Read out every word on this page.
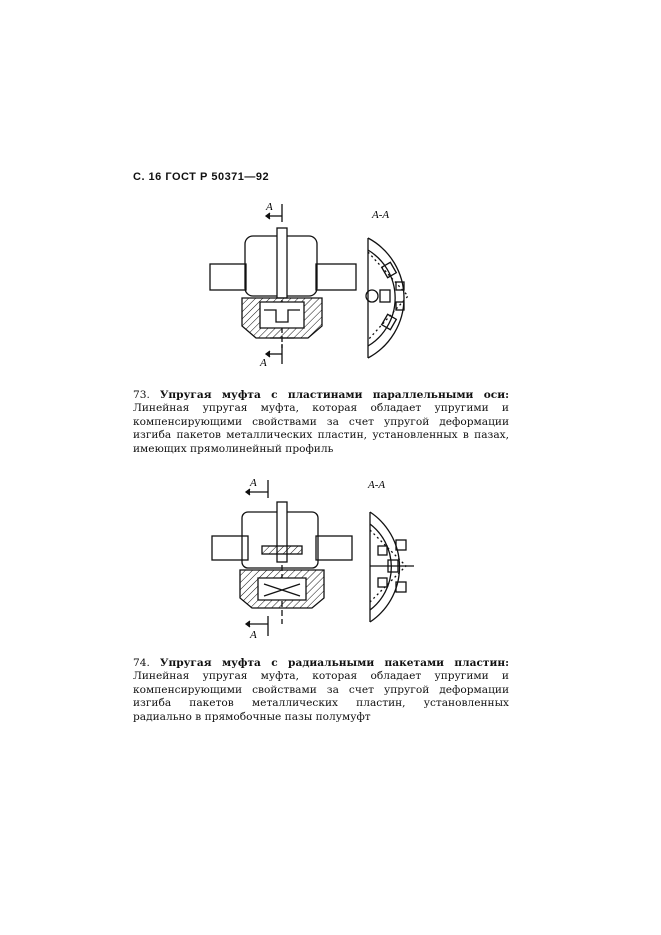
С. 16 ГОСТ Р 50371—92
A
A
A-A
73. Упругая муфта с пластинами параллельными оси: Линейная упругая муфта, которая обладает упругими и компенсирующими свойствами за счет упругой деформации изгиба пакетов металлических пластин, установленных в пазах, имеющих прямолинейный профиль
A
A
A-A
74. Упругая муфта с радиальными пакетами пластин: Линейная упругая муфта, которая обладает упругими и компенсирующими свойствами за счет упругой деформации изгиба пакетов металлических пластин, установленных радиально в прямобочные пазы полумуфт
